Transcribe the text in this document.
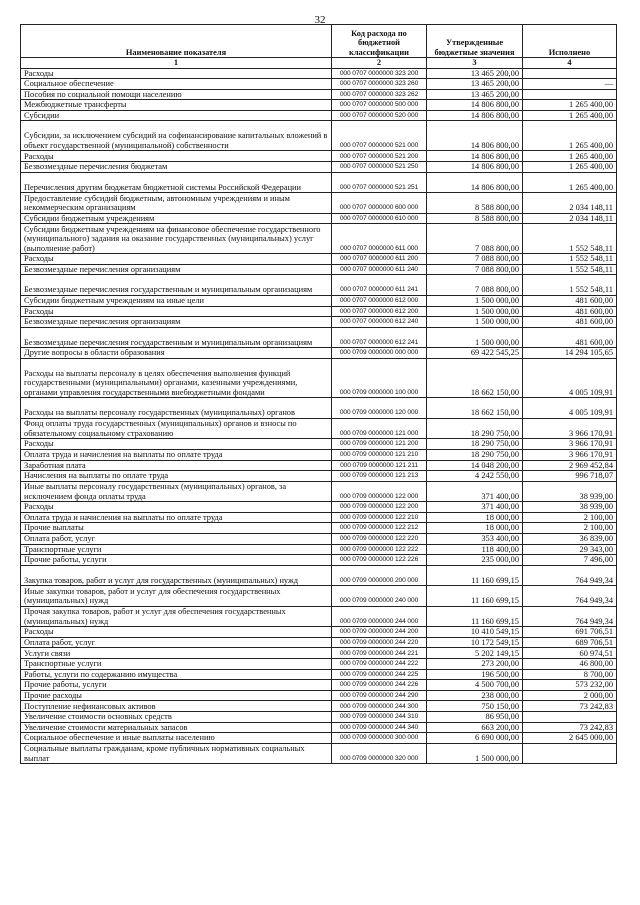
32
Наименование показателя	Код расхода по бюджетной классификации	Утвержденные бюджетные значения	Исполнено
1	2	3	4
Расходы	000 0707 0000000 323 200	13 465 200,00	
Социальное обеспечение	000 0707 0000000 323 260	13 465 200,00	—
Пособия по социальной помощи населению	000 0707 0000000 323 262	13 465 200,00	
Межбюджетные трансферты	000 0707 0000000 500 000	14 806 800,00	1 265 400,00
Субсидии	000 0707 0000000 520 000	14 806 800,00	1 265 400,00
Субсидии, за исключением субсидий на софинансирование капитальных вложений в объект государственной (муниципальной) собственности	000 0707 0000000 521 000	14 806 800,00	1 265 400,00
Расходы	000 0707 0000000 521 200	14 806 800,00	1 265 400,00
Безвозмездные перечисления бюджетам	000 0707 0000000 521 250	14 806 800,00	1 265 400,00
Перечисления другим бюджетам бюджетной системы Российской Федерации	000 0707 0000000 521 251	14 806 800,00	1 265 400,00
Предоставление субсидий бюджетным, автономным учреждениям и иным некоммерческим организациям	000 0707 0000000 600 000	8 588 800,00	2 034 148,11
Субсидии бюджетным учреждениям	000 0707 0000000 610 000	8 588 800,00	2 034 148,11
Субсидии бюджетным учреждениям на финансовое обеспечение государственного (муниципального) задания на оказание государственных (муниципальных) услуг (выполнение работ)	000 0707 0000000 611 000	7 088 800,00	1 552 548,11
Расходы	000 0707 0000000 611 200	7 088 800,00	1 552 548,11
Безвозмездные перечисления организациям	000 0707 0000000 611 240	7 088 800,00	1 552 548,11
Безвозмездные перечисления государственным и муниципальным организациям	000 0707 0000000 611 241	7 088 800,00	1 552 548,11
Субсидии бюджетным учреждениям на иные цели	000 0707 0000000 612 000	1 500 000,00	481 600,00
Расходы	000 0707 0000000 612 200	1 500 000,00	481 600,00
Безвозмездные перечисления организациям	000 0707 0000000 612 240	1 500 000,00	481 600,00
Безвозмездные перечисления государственным и муниципальным организациям	000 0707 0000000 612 241	1 500 000,00	481 600,00
Другие вопросы в области образования	000 0709 0000000 000 000	69 422 545,25	14 294 105,65
Расходы на выплаты персоналу в целях обеспечения выполнения функций государственными (муниципальными) органами, казенными учреждениями, органами управления государственными внебюджетными фондами	000 0709 0000000 100 000	18 662 150,00	4 005 109,91
Расходы на выплаты персоналу государственных (муниципальных) органов	000 0709 0000000 120 000	18 662 150,00	4 005 109,91
Фонд оплаты труда государственных (муниципальных) органов и взносы по обязательному социальному страхованию	000 0709 0000000 121 000	18 290 750,00	3 966 170,91
Расходы	000 0709 0000000 121 200	18 290 750,00	3 966 170,91
Оплата труда и начисления на выплаты по оплате труда	000 0709 0000000 121 210	18 290 750,00	3 966 170,91
Заработная плата	000 0709 0000000 121 211	14 048 200,00	2 969 452,84
Начисления на выплаты по оплате труда	000 0709 0000000 121 213	4 242 550,00	996 718,07
Иные выплаты персоналу государственных (муниципальных) органов, за исключением фонда оплаты труда	000 0709 0000000 122 000	371 400,00	38 939,00
Расходы	000 0709 0000000 122 200	371 400,00	38 939,00
Оплата труда и начисления на выплаты по оплате труда	000 0709 0000000 122 210	18 000,00	2 100,00
Прочие выплаты	000 0709 0000000 122 212	18 000,00	2 100,00
Оплата работ, услуг	000 0709 0000000 122 220	353 400,00	36 839,00
Транспортные услуги	000 0709 0000000 122 222	118 400,00	29 343,00
Прочие работы, услуги	000 0709 0000000 122 226	235 000,00	7 496,00
Закупка товаров, работ и услуг для государственных (муниципальных) нужд	000 0709 0000000 200 000	11 160 699,15	764 949,34
Иные закупки товаров, работ и услуг для обеспечения государственных (муниципальных) нужд	000 0709 0000000 240 000	11 160 699,15	764 949,34
Прочая закупка товаров, работ и услуг для обеспечения государственных (муниципальных) нужд	000 0709 0000000 244 000	11 160 699,15	764 949,34
Расходы	000 0709 0000000 244 200	10 410 549,15	691 706,51
Оплата работ, услуг	000 0709 0000000 244 220	10 172 549,15	689 706,51
Услуги связи	000 0709 0000000 244 221	5 202 149,15	60 974,51
Транспортные услуги	000 0709 0000000 244 222	273 200,00	46 800,00
Работы, услуги по содержанию имущества	000 0709 0000000 244 225	196 500,00	8 700,00
Прочие работы, услуги	000 0709 0000000 244 226	4 500 700,00	573 232,00
Прочие расходы	000 0709 0000000 244 290	238 000,00	2 000,00
Поступление нефинансовых активов	000 0709 0000000 244 300	750 150,00	73 242,83
Увеличение стоимости основных средств	000 0709 0000000 244 310	86 950,00	
Увеличение стоимости материальных запасов	000 0709 0000000 244 340	663 200,00	73 242,83
Социальное обеспечение и иные выплаты населению	000 0709 0000000 300 000	6 690 000,00	2 645 000,00
Социальные выплаты гражданам, кроме публичных нормативных социальных выплат	000 0709 0000000 320 000	1 500 000,00	
